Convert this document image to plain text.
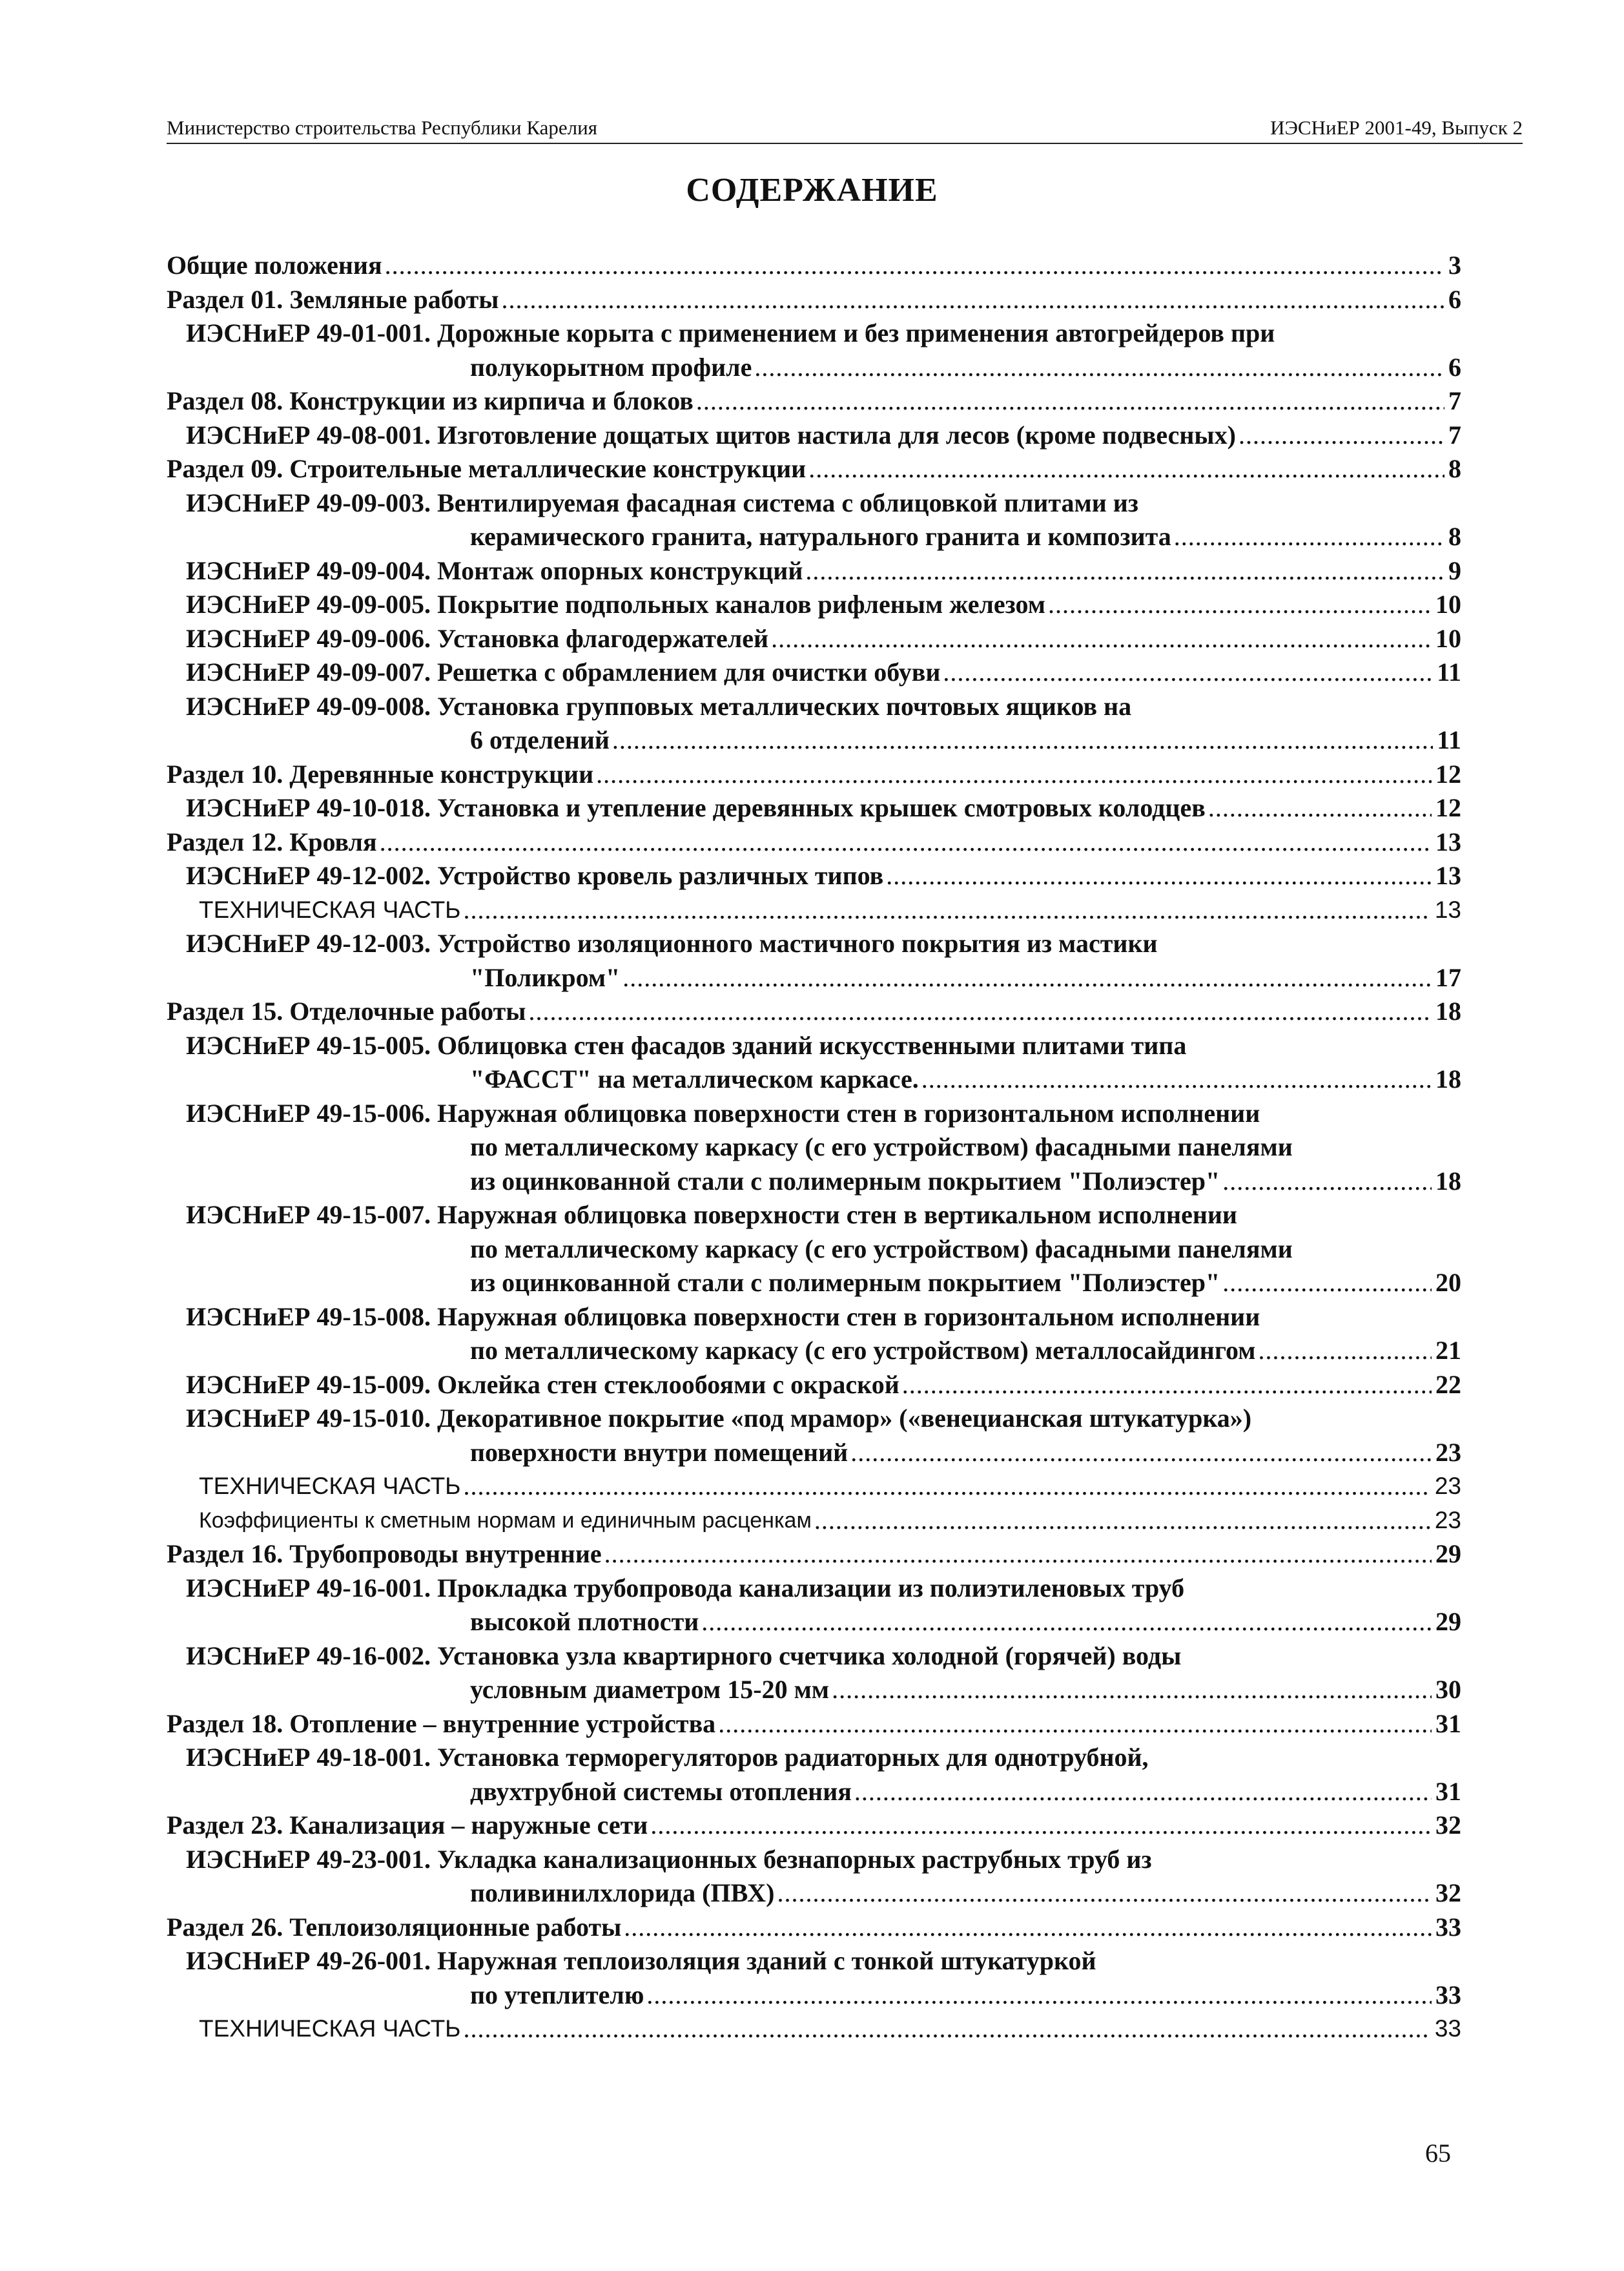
Министерство строительства Республики Карелия	ИЭСНиЕР 2001-49, Выпуск 2
СОДЕРЖАНИЕ
Общие положения .....	3
Раздел 01. Земляные работы .....	6
ИЭСНиЕР 49-01-001. Дорожные корыта с применением и без применения автогрейдеров при
полукорытном профиле .....	6
Раздел 08. Конструкции из кирпича и блоков .....	7
ИЭСНиЕР 49-08-001. Изготовление дощатых щитов настила для лесов (кроме подвесных) .....	7
Раздел 09. Строительные металлические конструкции .....	8
ИЭСНиЕР 49-09-003. Вентилируемая фасадная система с облицовкой плитами из
керамического гранита, натурального гранита и композита .....	8
ИЭСНиЕР 49-09-004. Монтаж опорных конструкций .....	9
ИЭСНиЕР 49-09-005. Покрытие подпольных каналов рифленым железом .....	10
ИЭСНиЕР 49-09-006. Установка флагодержателей .....	10
ИЭСНиЕР 49-09-007. Решетка с обрамлением для очистки обуви .....	11
ИЭСНиЕР 49-09-008. Установка групповых металлических почтовых ящиков на
6 отделений .....	11
Раздел 10. Деревянные конструкции .....	12
ИЭСНиЕР 49-10-018. Установка и утепление деревянных крышек смотровых колодцев .....	12
Раздел 12. Кровля .....	13
ИЭСНиЕР 49-12-002. Устройство кровель различных типов .....	13
ТЕХНИЧЕСКАЯ ЧАСТЬ .....	13
ИЭСНиЕР 49-12-003. Устройство изоляционного мастичного покрытия из мастики
"Поликром" .....	17
Раздел 15. Отделочные работы .....	18
ИЭСНиЕР 49-15-005. Облицовка стен фасадов зданий искусственными плитами типа
"ФАССТ" на металлическом каркасе. .....	18
ИЭСНиЕР 49-15-006. Наружная облицовка поверхности стен в горизонтальном исполнении
по металлическому каркасу (с его устройством) фасадными панелями
из оцинкованной стали с полимерным покрытием "Полиэстер" .....	18
ИЭСНиЕР 49-15-007. Наружная облицовка поверхности стен в вертикальном исполнении
по металлическому каркасу (с его устройством) фасадными панелями
из оцинкованной стали с полимерным покрытием "Полиэстер" .....	20
ИЭСНиЕР 49-15-008. Наружная облицовка поверхности стен в горизонтальном исполнении
по металлическому каркасу (с его устройством) металлосайдингом .....	21
ИЭСНиЕР 49-15-009. Оклейка стен стеклообоями с окраской .....	22
ИЭСНиЕР 49-15-010. Декоративное покрытие «под мрамор» («венецианская штукатурка»)
поверхности внутри помещений .....	23
ТЕХНИЧЕСКАЯ ЧАСТЬ .....	23
Коэффициенты к сметным нормам и единичным расценкам .....	23
Раздел 16. Трубопроводы внутренние .....	29
ИЭСНиЕР 49-16-001. Прокладка трубопровода канализации из полиэтиленовых труб
высокой плотности .....	29
ИЭСНиЕР 49-16-002. Установка узла квартирного счетчика холодной (горячей) воды
условным диаметром 15-20 мм .....	30
Раздел 18. Отопление – внутренние устройства .....	31
ИЭСНиЕР 49-18-001. Установка терморегуляторов радиаторных для однотрубной,
двухтрубной системы отопления .....	31
Раздел 23. Канализация – наружные сети .....	32
ИЭСНиЕР 49-23-001. Укладка канализационных безнапорных раструбных труб из
поливинилхлорида (ПВХ) .....	32
Раздел 26. Теплоизоляционные работы .....	33
ИЭСНиЕР 49-26-001. Наружная теплоизоляция зданий с тонкой штукатуркой
по утеплителю .....	33
ТЕХНИЧЕСКАЯ ЧАСТЬ .....	33
65
